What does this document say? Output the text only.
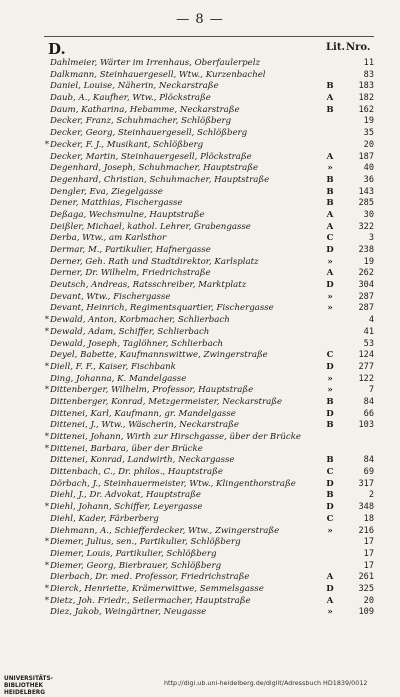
— 8 —
D.	Lit. Nro.
Dahlmeier, Wärter im Irrenhaus, Oberfaulerpelz	11
Dalkmann, Steinhauergesell, Wtw., Kurzenbachel	83
Daniel, Louise, Näherin, Neckarstraße	B	183
Daub, A., Kaufher, Wtw., Plöckstraße	A	182
Daum, Katharina, Hebamme, Neckarstraße	B	162
Decker, Franz, Schuhmacher, Schlößberg	19
Decker, Georg, Steinhauergesell, Schlößberg	35
* Decker, F. J., Musikant, Schlößberg	20
Decker, Martin, Steinhauergesell, Plöckstraße	A	187
Degenhard, Joseph, Schuhmacher, Hauptstraße	»	40
Degenhard, Christian, Schuhmacher, Hauptstraße	B	36
Dengler, Eva, Ziegelgasse	B	143
Dener, Matthias, Fischergasse	B	285
Deßaga, Wechsmulne, Hauptstraße	A	30
Deißler, Michael, kathol. Lehrer, Grabengasse	A	322
Derba, Wtw., am Karlsthor	C	3
Dermar, M., Partikulier, Hafnergasse	D	238
Derner, Geh. Rath und Stadtdirektor, Karlsplatz	»	19
Derner, Dr. Wilhelm, Friedrichstraße	A	262
Deutsch, Andreas, Ratsschreiber, Marktplatz	D	304
Devant, Wtw., Fischergasse	»	287
Devant, Heinrich, Regimentsquartier, Fischergasse	»	287
* Dewald, Anton, Korbmacher, Schlierbach	4
* Dewald, Adam, Schiffer, Schlierbach	41
Dewald, Joseph, Taglöhner, Schlierbach	53
Deyel, Babette, Kaufmannswittwe, Zwingerstraße	C	124
* Diell, F. F., Kaiser, Fischbank	D	277
Ding, Johanna, K. Mandelgasse	»	122
* Dittenberger, Wilhelm, Professor, Hauptstraße	»	7
Dittenberger, Konrad, Metzgermeister, Neckarstraße	B	84
Dittenei, Karl, Kaufmann, gr. Mandelgasse	D	66
Dittenei, J., Wtw., Wäscherin, Neckarstraße	B	103
* Dittenei, Johann, Wirth zur Hirschgasse, über der Brücke
* Dittenei, Barbara, über der Brücke
Dittenei, Konrad, Landwirth, Neckargasse	B	84
Dittenbach, C., Dr. philos., Hauptstraße	C	69
Dörbach, J., Steinhauermeister, Wtw., Klingenthorstraße	D	317
Diehl, J., Dr. Advokat, Hauptstraße	B	2
* Diehl, Johann, Schiffer, Leyergasse	D	348
Diehl, Kader, Färberberg	C	18
Diehmann, A., Schiefferdecker, Wtw., Zwingerstraße	»	216
* Diemer, Julius, sen., Partikulier, Schlößberg	17
Diemer, Louis, Partikulier, Schlößberg	17
* Diemer, Georg, Bierbrauer, Schlößberg	17
Dierbach, Dr. med. Professor, Friedrichstraße	A	261
* Dierck, Henriette, Krämerwittwe, Semmelsgasse	D	325
* Dietz, Joh. Friedr., Seilermacher, Hauptstraße	A	20
Diez, Jakob, Weingärtner, Neugasse	»	109
UNIVERSITÄTS-BIBLIOTHEK HEIDELBERG
http://digi.ub.uni-heidelberg.de/diglit/Adressbuch HD1839/0012
